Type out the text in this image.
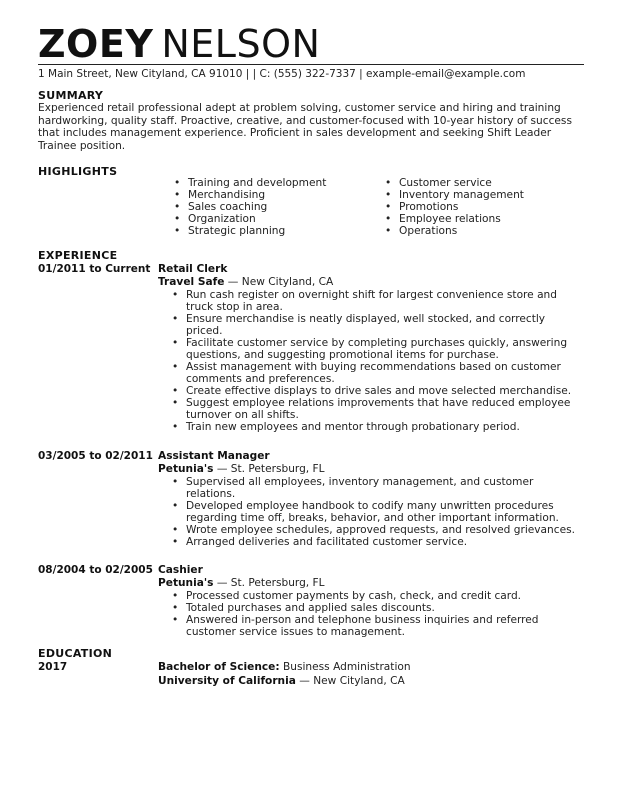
ZOEY NELSON
1 Main Street, New Cityland, CA 91010 | | C: (555) 322-7337 | example-email@example.com
SUMMARY
Experienced retail professional adept at problem solving, customer service and hiring and training hardworking, quality staff. Proactive, creative, and customer-focused with 10-year history of success that includes management experience. Proficient in sales development and seeking Shift Leader Trainee position.
HIGHLIGHTS
• Training and development
• Merchandising
• Sales coaching
• Organization
• Strategic planning
• Customer service
• Inventory management
• Promotions
• Employee relations
• Operations
EXPERIENCE
01/2011 to Current Retail Clerk
Travel Safe — New Cityland, CA
• Run cash register on overnight shift for largest convenience store and truck stop in area.
• Ensure merchandise is neatly displayed, well stocked, and correctly priced.
• Facilitate customer service by completing purchases quickly, answering questions, and suggesting promotional items for purchase.
• Assist management with buying recommendations based on customer comments and preferences.
• Create effective displays to drive sales and move selected merchandise.
• Suggest employee relations improvements that have reduced employee turnover on all shifts.
• Train new employees and mentor through probationary period.
03/2005 to 02/2011 Assistant Manager
Petunia's — St. Petersburg, FL
• Supervised all employees, inventory management, and customer relations.
• Developed employee handbook to codify many unwritten procedures regarding time off, breaks, behavior, and other important information.
• Wrote employee schedules, approved requests, and resolved grievances.
• Arranged deliveries and facilitated customer service.
08/2004 to 02/2005 Cashier
Petunia's — St. Petersburg, FL
• Processed customer payments by cash, check, and credit card.
• Totaled purchases and applied sales discounts.
• Answered in-person and telephone business inquiries and referred customer service issues to management.
EDUCATION
2017	Bachelor of Science: Business Administration
University of California — New Cityland, CA
